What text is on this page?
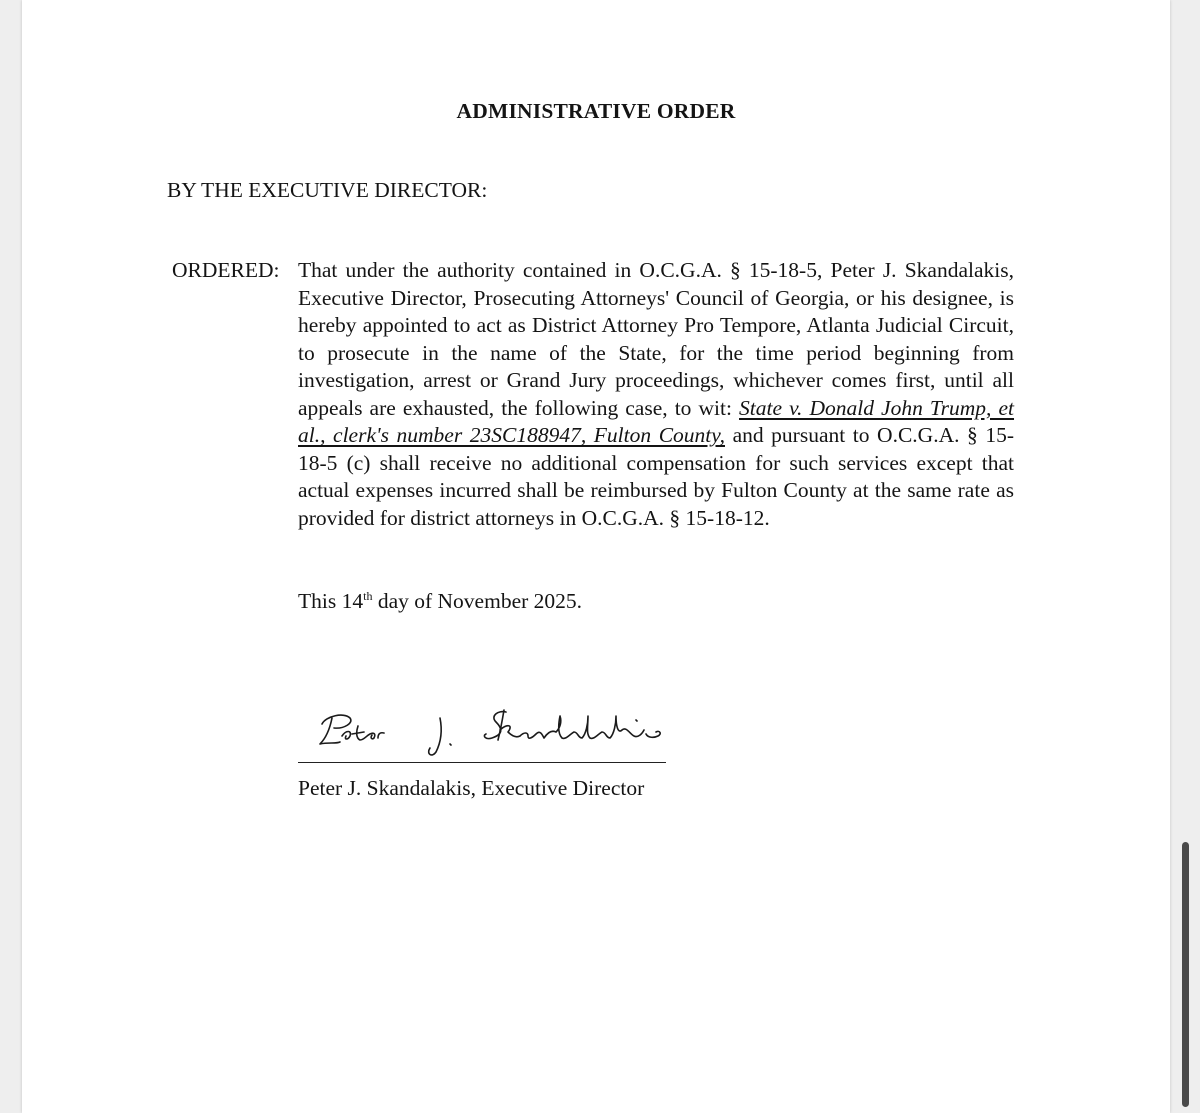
ADMINISTRATIVE ORDER
BY THE EXECUTIVE DIRECTOR:
ORDERED: That under the authority contained in O.C.G.A. § 15-18-5, Peter J. Skandalakis, Executive Director, Prosecuting Attorneys' Council of Georgia, or his designee, is hereby appointed to act as District Attorney Pro Tempore, Atlanta Judicial Circuit, to prosecute in the name of the State, for the time period beginning from investigation, arrest or Grand Jury proceedings, whichever comes first, until all appeals are exhausted, the following case, to wit: State v. Donald John Trump, et al., clerk's number 23SC188947, Fulton County, and pursuant to O.C.G.A. § 15-18-5 (c) shall receive no additional compensation for such services except that actual expenses incurred shall be reimbursed by Fulton County at the same rate as provided for district attorneys in O.C.G.A. § 15-18-12.
This 14th day of November 2025.
Peter J. Skandalakis, Executive Director
